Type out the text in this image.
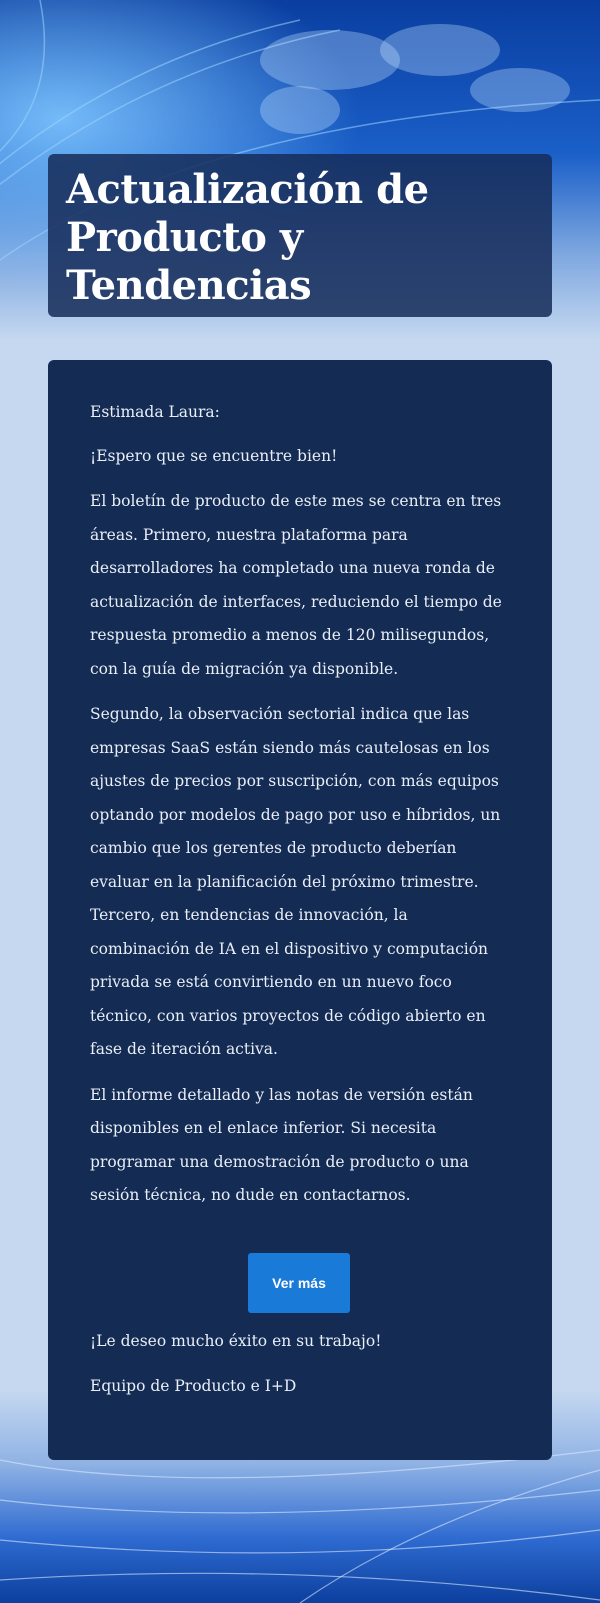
Actualización de Producto y Tendencias

Estimada Laura:

¡Espero que se encuentre bien!

El boletín de producto de este mes se centra en tres áreas. Primero, nuestra plataforma para desarrolladores ha completado una nueva ronda de actualización de interfaces, reduciendo el tiempo de respuesta promedio a menos de 120 milisegundos, con la guía de migración ya disponible.

Segundo, la observación sectorial indica que las empresas SaaS están siendo más cautelosas en los ajustes de precios por suscripción, con más equipos optando por modelos de pago por uso e híbridos, un cambio que los gerentes de producto deberían evaluar en la planificación del próximo trimestre. Tercero, en tendencias de innovación, la combinación de IA en el dispositivo y computación privada se está convirtiendo en un nuevo foco técnico, con varios proyectos de código abierto en fase de iteración activa.

El informe detallado y las notas de versión están disponibles en el enlace inferior. Si necesita programar una demostración de producto o una sesión técnica, no dude en contactarnos.

Ver más

¡Le deseo mucho éxito en su trabajo!

Equipo de Producto e I+D
